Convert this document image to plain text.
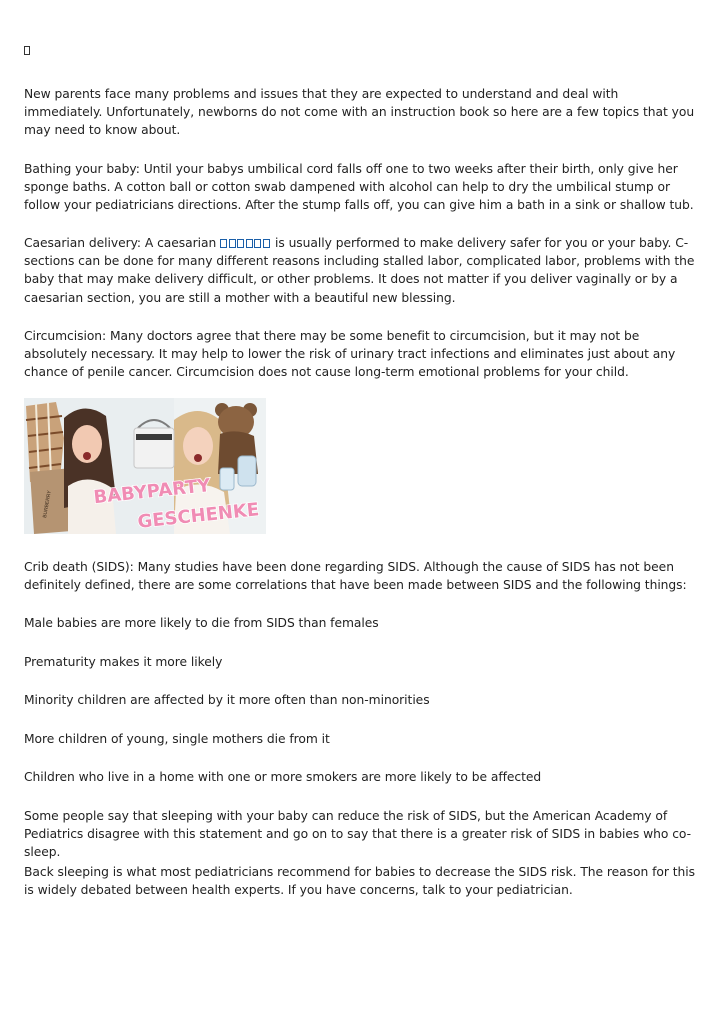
New parents face many problems and issues that they are expected to understand and deal with immediately. Unfortunately, newborns do not come with an instruction book so here are a few topics that you may need to know about.

Bathing your baby: Until your babys umbilical cord falls off one to two weeks after their birth, only give her sponge baths. A cotton ball or cotton swab dampened with alcohol can help to dry the umbilical stump or follow your pediatricians directions. After the stump falls off, you can give him a bath in a sink or shallow tub.

Caesarian delivery: A caesarian	is usually performed to make delivery safer for you or your baby. C-sections can be done for many different reasons including stalled labor, complicated labor, problems with the baby that may make delivery difficult, or other problems. It does not matter if you deliver vaginally or by a caesarian section, you are still a mother with a beautiful new blessing.

Circumcision: Many doctors agree that there may be some benefit to circumcision, but it may not be absolutely necessary. It may help to lower the risk of urinary tract infections and eliminates just about any chance of penile cancer. Circumcision does not cause long-term emotional problems for your child.

BURBERRY BABYPARTY
GESCHENKE

Crib death (SIDS): Many studies have been done regarding SIDS. Although the cause of SIDS has not been definitely defined, there are some correlations that have been made between SIDS and the following things:

Male babies are more likely to die from SIDS than females

Prematurity makes it more likely

Minority children are affected by it more often than non-minorities

More children of young, single mothers die from it

Children who live in a home with one or more smokers are more likely to be affected

Some people say that sleeping with your baby can reduce the risk of SIDS, but the American Academy of Pediatrics disagree with this statement and go on to say that there is a greater risk of SIDS in babies who co-sleep.

Back sleeping is what most pediatricians recommend for babies to decrease the SIDS risk. The reason for this is widely debated between health experts. If you have concerns, talk to your pediatrician.
